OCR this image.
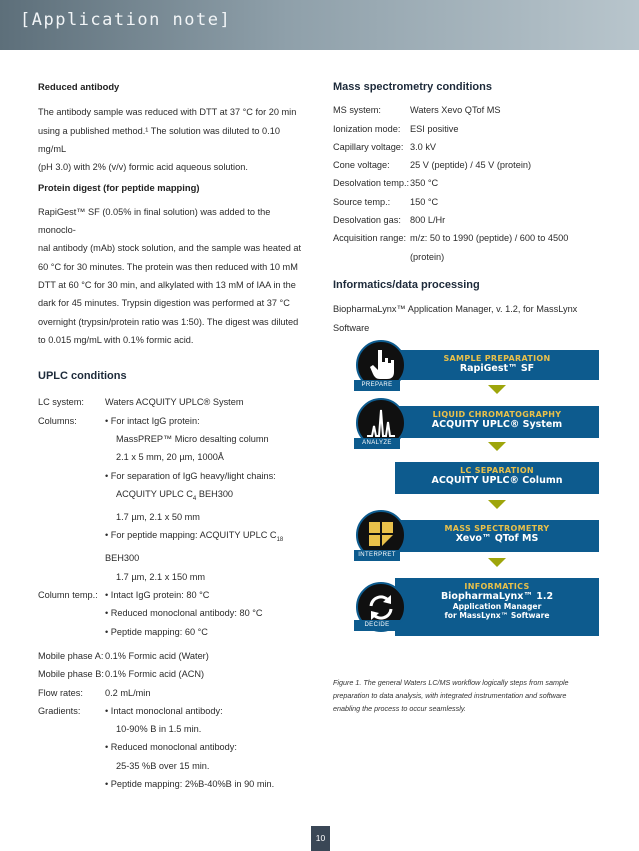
[Application note]

Reduced antibody

The antibody sample was reduced with DTT at 37 °C for 20 min

using a published method.¹ The solution was diluted to 0.10 mg/mL

(pH 3.0) with 2% (v/v) formic acid aqueous solution.

Protein digest (for peptide mapping)

RapiGest™ SF (0.05% in final solution) was added to the monoclo-

nal antibody (mAb) stock solution, and the sample was heated at

60 °C for 30 minutes. The protein was then reduced with 10 mM

DTT at 60 °C for 30 min, and alkylated with 13 mM of IAA in the

dark for 45 minutes. Trypsin digestion was performed at 37 °C

overnight (trypsin/protein ratio was 1:50). The digest was diluted

to 0.015 mg/mL with 0.1% formic acid.

UPLC conditions

LC system:	Waters ACQUITY UPLC® System
Columns:	• For intact IgG protein:
MassPREP™ Micro desalting column
2.1 x 5 mm, 20 µm, 1000Å
• For separation of IgG heavy/light chains:
ACQUITY UPLC $C_4$ BEH300
1.7 µm, 2.1 x 50 mm
• For peptide mapping: ACQUITY UPLC $C_{18}$ BEH300
1.7 µm, 2.1 x 150 mm
Column temp.: • Intact IgG protein: 80 °C
• Reduced monoclonal antibody: 80 °C
• Peptide mapping: 60 °C
Mobile phase A: 0.1% Formic acid (Water)
Mobile phase B: 0.1% Formic acid (ACN)
Flow rates:	0.2 mL/min
Gradients:	• Intact monoclonal antibody:
10-90% B in 1.5 min.
• Reduced monoclonal antibody:
25-35 %B over 15 min.
• Peptide mapping: 2%B-40%B in 90 min.

Mass spectrometry conditions

MS system:	Waters Xevo QTof MS
Ionization mode:	ESI positive
Capillary voltage: 3.0 kV
Cone voltage:	25 V (peptide) / 45 V (protein)
Desolvation temp.: 350 °C
Source temp.:	150 °C
Desolvation gas: 800 L/Hr
Acquisition range: m/z: 50 to 1990 (peptide) / 600 to 4500
(protein)

Informatics/data processing

BiopharmaLynx™ Application Manager, v. 1.2, for MassLynx

Software

SAMPLE PREPARATION
RapiGest™ SF
PREPARE
LIQUID CHROMATOGRAPHY
ACQUITY UPLC® System
ANALYZE
LC SEPARATION
ACQUITY UPLC® Column
MASS SPECTROMETRY
Xevo™ QTof MS
INTERPRET
INFORMATICS
BiopharmaLynx™ 1.2
Application Manager
for MassLynx™ Software
DECIDE
Figure 1. The general Waters LC/MS workflow logically steps from sample
preparation to data analysis, with integrated instrumentation and software
enabling the process to occur seamlessly.
10
